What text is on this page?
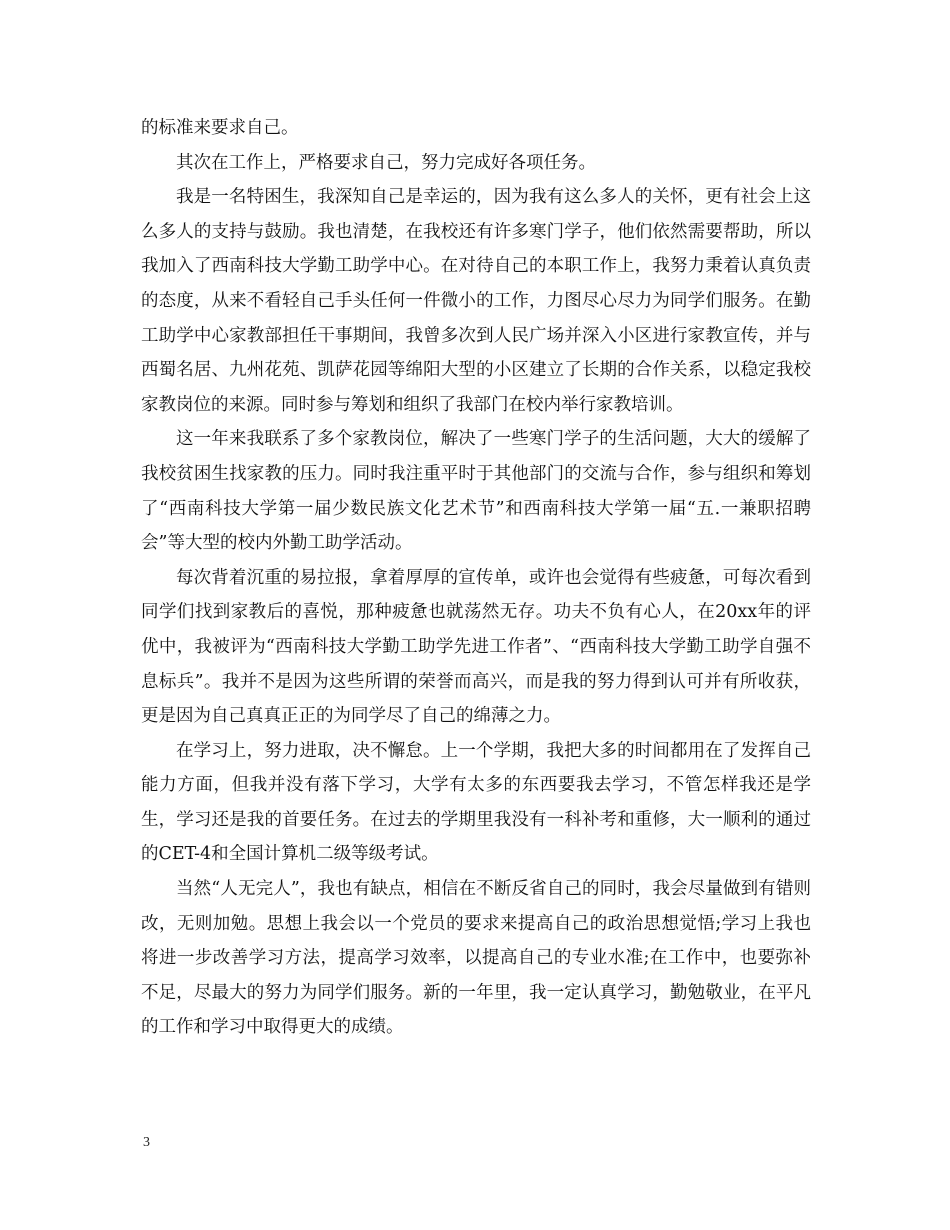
的标准来要求自己。

其次在工作上，严格要求自己，努力完成好各项任务。

我是一名特困生，我深知自己是幸运的，因为我有这么多人的关怀，更有社会上这么多人的支持与鼓励。我也清楚，在我校还有许多寒门学子，他们依然需要帮助，所以我加入了西南科技大学勤工助学中心。在对待自己的本职工作上，我努力秉着认真负责的态度，从来不看轻自己手头任何一件微小的工作，力图尽心尽力为同学们服务。在勤工助学中心家教部担任干事期间，我曾多次到人民广场并深入小区进行家教宣传，并与西蜀名居、九州花苑、凯萨花园等绵阳大型的小区建立了长期的合作关系，以稳定我校家教岗位的来源。同时参与筹划和组织了我部门在校内举行家教培训。

这一年来我联系了多个家教岗位，解决了一些寒门学子的生活问题，大大的缓解了我校贫困生找家教的压力。同时我注重平时于其他部门的交流与合作，参与组织和筹划了“西南科技大学第一届少数民族文化艺术节”和西南科技大学第一届“五.一兼职招聘会”等大型的校内外勤工助学活动。

每次背着沉重的易拉报，拿着厚厚的宣传单，或许也会觉得有些疲惫，可每次看到同学们找到家教后的喜悦，那种疲惫也就荡然无存。功夫不负有心人，在20xx年的评优中，我被评为“西南科技大学勤工助学先进工作者”、“西南科技大学勤工助学自强不息标兵”。我并不是因为这些所谓的荣誉而高兴，而是我的努力得到认可并有所收获，更是因为自己真真正正的为同学尽了自己的绵薄之力。

在学习上，努力进取，决不懈怠。上一个学期，我把大多的时间都用在了发挥自己能力方面，但我并没有落下学习，大学有太多的东西要我去学习，不管怎样我还是学生，学习还是我的首要任务。在过去的学期里我没有一科补考和重修，大一顺利的通过的CET-4和全国计算机二级等级考试。

当然“人无完人”，我也有缺点，相信在不断反省自己的同时，我会尽量做到有错则改，无则加勉。思想上我会以一个党员的要求来提高自己的政治思想觉悟;学习上我也将进一步改善学习方法，提高学习效率，以提高自己的专业水准;在工作中，也要弥补不足，尽最大的努力为同学们服务。新的一年里，我一定认真学习，勤勉敬业，在平凡的工作和学习中取得更大的成绩。

3
